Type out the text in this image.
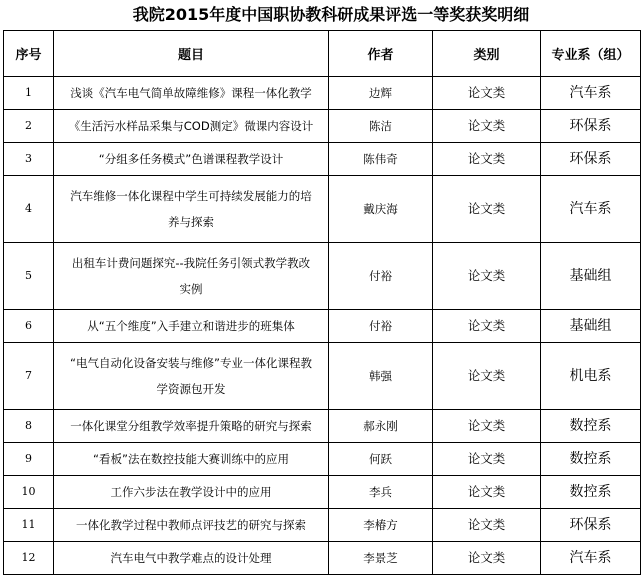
我院2015年度中国职协教科研成果评选一等奖获奖明细
序号	题目	作者	类别	专业系（组）
1	浅谈《汽车电气简单故障维修》课程一体化教学	边辉	论文类	汽车系
2	《生活污水样品采集与COD测定》微课内容设计	陈洁	论文类	环保系
3	“分组多任务模式”色谱课程教学设计	陈伟奇	论文类	环保系
4	汽车维修一体化课程中学生可持续发展能力的培养与探索	戴庆海	论文类	汽车系
5	出租车计费问题探究--我院任务引领式教学教改实例	付裕	论文类	基础组
6	从“五个维度”入手建立和谐进步的班集体	付裕	论文类	基础组
7	“电气自动化设备安装与维修”专业一体化课程教学资源包开发	韩强	论文类	机电系
8	一体化课堂分组教学效率提升策略的研究与探索	郝永刚	论文类	数控系
9	“看板”法在数控技能大赛训练中的应用	何跃	论文类	数控系
10	工作六步法在教学设计中的应用	李兵	论文类	数控系
11	一体化教学过程中教师点评技艺的研究与探索	李椿方	论文类	环保系
12	汽车电气中教学难点的设计处理	李景芝	论文类	汽车系
